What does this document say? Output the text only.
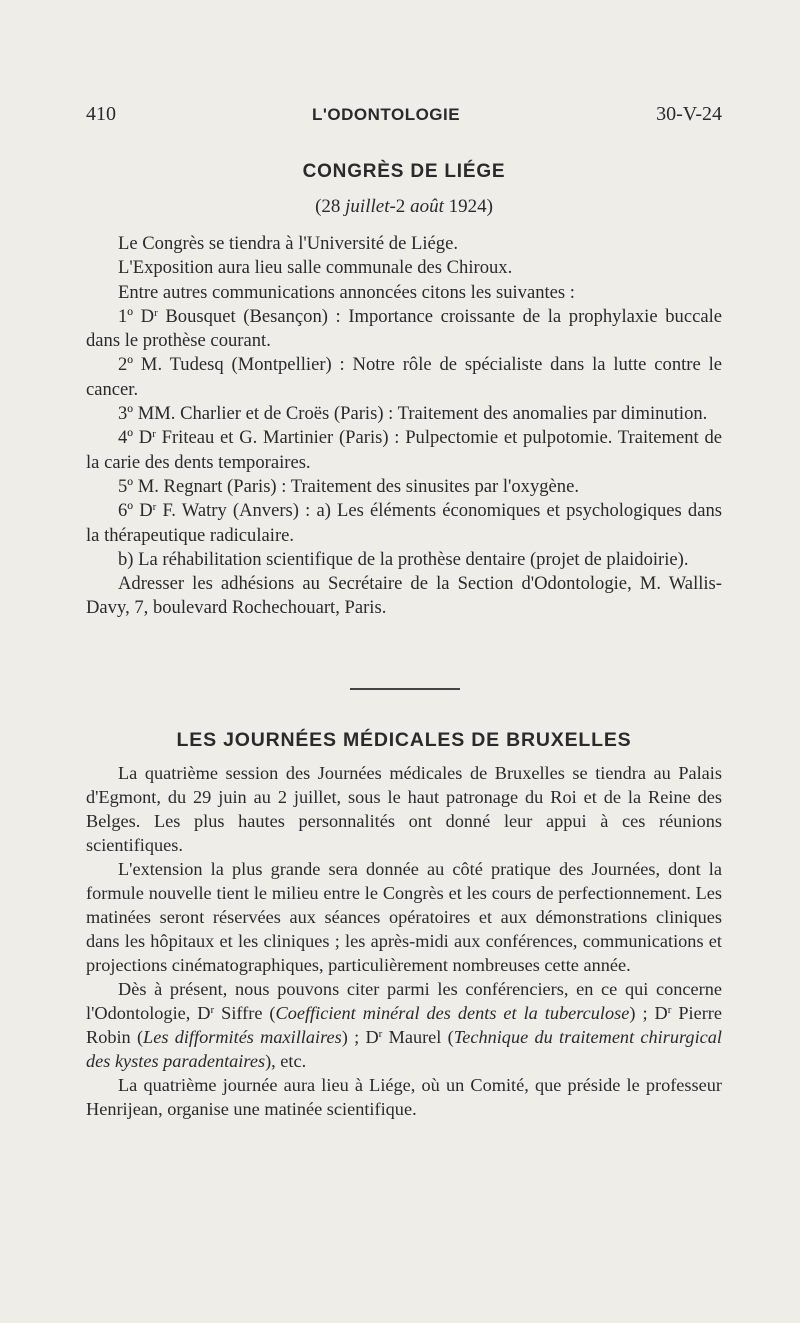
410	L'ODONTOLOGIE	30-V-24
CONGRÈS DE LIÉGE
(28 juillet-2 août 1924)

Le Congrès se tiendra à l'Université de Liége.

L'Exposition aura lieu salle communale des Chiroux.

Entre autres communications annoncées citons les suivantes :

1º $D^r$ Bousquet (Besançon) : Importance croissante de la prophylaxie buccale dans le prothèse courant.

2º M. Tudesq (Montpellier) : Notre rôle de spécialiste dans la lutte contre le cancer.

3º MM. Charlier et de Croës (Paris) : Traitement des anomalies par diminution.

4º $D^r$ Friteau et G. Martinier (Paris) : Pulpectomie et pulpotomie. Traitement de la carie des dents temporaires.

5º M. Regnart (Paris) : Traitement des sinusites par l'oxygène.

6º $D^r$ F. Watry (Anvers) : a) Les éléments économiques et psychologiques dans la thérapeutique radiculaire.

b) La réhabilitation scientifique de la prothèse dentaire (projet de plaidoirie).

Adresser les adhésions au Secrétaire de la Section d'Odontologie, M. Wallis-Davy, 7, boulevard Rochechouart, Paris.

LES JOURNÉES MÉDICALES DE BRUXELLES

La quatrième session des Journées médicales de Bruxelles se tiendra au Palais d'Egmont, du 29 juin au 2 juillet, sous le haut patronage du Roi et de la Reine des Belges. Les plus hautes personnalités ont donné leur appui à ces réunions scientifiques.

L'extension la plus grande sera donnée au côté pratique des Journées, dont la formule nouvelle tient le milieu entre le Congrès et les cours de perfectionnement. Les matinées seront réservées aux séances opératoires et aux démonstrations cliniques dans les hôpitaux et les cliniques ; les après-midi aux conférences, communications et projections cinématographiques, particulièrement nombreuses cette année.

Dès à présent, nous pouvons citer parmi les conférenciers, en ce qui concerne l'Odontologie, $D^r$ Siffre (Coefficient minéral des dents et la tuberculose) ; $D^r$ Pierre Robin (Les difformités maxillaires) ; $D^r$ Maurel (Technique du traitement chirurgical des kystes paradentaires), etc.

La quatrième journée aura lieu à Liége, où un Comité, que préside le professeur Henrijean, organise une matinée scientifique.
